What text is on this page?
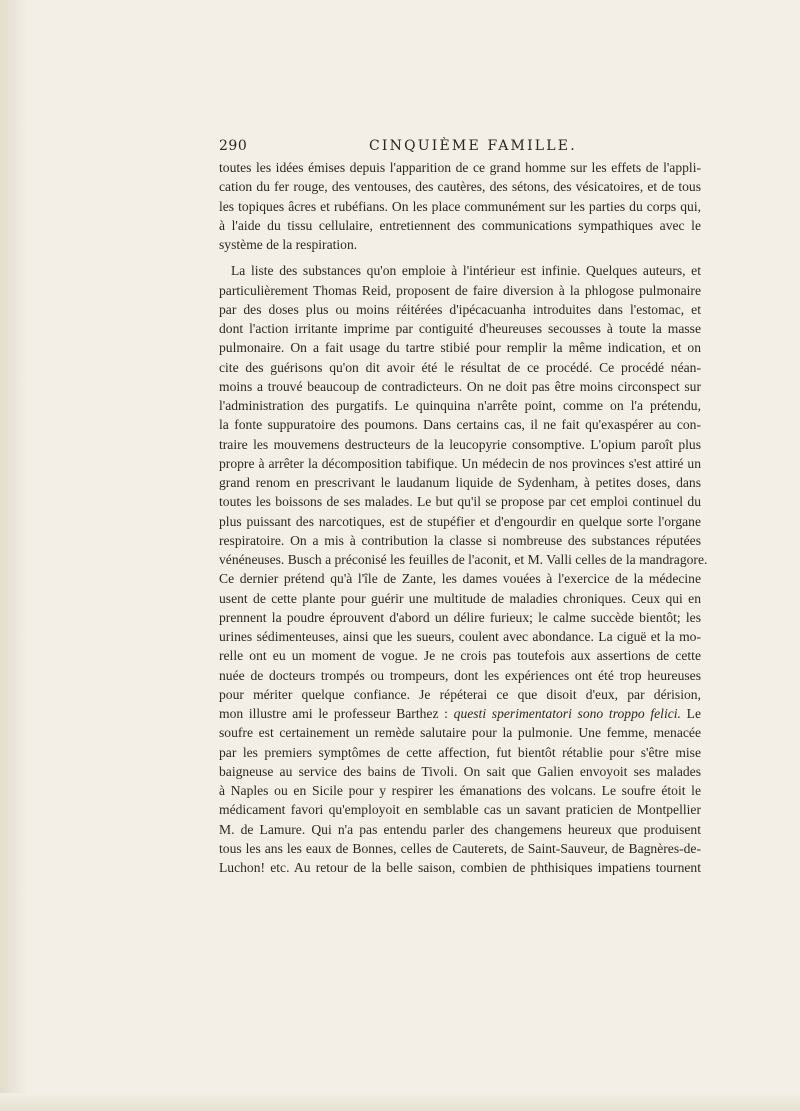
290	CINQUIÈME FAMILLE.
toutes les idées émises depuis l'apparition de ce grand homme sur les effets de l'appli-
cation du fer rouge, des ventouses, des cautères, des sétons, des vésicatoires, et de tous
les topiques âcres et rubéfians. On les place communément sur les parties du corps qui,
à l'aide du tissu cellulaire, entretiennent des communications sympathiques avec le
système de la respiration.
La liste des substances qu'on emploie à l'intérieur est infinie. Quelques auteurs, et
particulièrement Thomas Reid, proposent de faire diversion à la phlogose pulmonaire
par des doses plus ou moins réitérées d'ipécacuanha introduites dans l'estomac, et
dont l'action irritante imprime par contiguité d'heureuses secousses à toute la masse
pulmonaire. On a fait usage du tartre stibié pour remplir la même indication, et on
cite des guérisons qu'on dit avoir été le résultat de ce procédé. Ce procédé néan-
moins a trouvé beaucoup de contradicteurs. On ne doit pas être moins circonspect sur
l'administration des purgatifs. Le quinquina n'arrête point, comme on l'a prétendu,
la fonte suppuratoire des poumons. Dans certains cas, il ne fait qu'exaspérer au con-
traire les mouvemens destructeurs de la leucopyrie consomptive. L'opium paroît plus
propre à arrêter la décomposition tabifique. Un médecin de nos provinces s'est attiré un
grand renom en prescrivant le laudanum liquide de Sydenham, à petites doses, dans
toutes les boissons de ses malades. Le but qu'il se propose par cet emploi continuel du
plus puissant des narcotiques, est de stupéfier et d'engourdir en quelque sorte l'organe
respiratoire. On a mis à contribution la classe si nombreuse des substances réputées
vénéneuses. Busch a préconisé les feuilles de l'aconit, et M. Valli celles de la mandragore.
Ce dernier prétend qu'à l'île de Zante, les dames vouées à l'exercice de la médecine
usent de cette plante pour guérir une multitude de maladies chroniques. Ceux qui en
prennent la poudre éprouvent d'abord un délire furieux; le calme succède bientôt; les
urines sédimenteuses, ainsi que les sueurs, coulent avec abondance. La ciguë et la mo-
relle ont eu un moment de vogue. Je ne crois pas toutefois aux assertions de cette
nuée de docteurs trompés ou trompeurs, dont les expériences ont été trop heureuses
pour mériter quelque confiance. Je répéterai ce que disoit d'eux, par dérision,
mon illustre ami le professeur Barthez : questi sperimentatori sono troppo felici. Le
soufre est certainement un remède salutaire pour la pulmonie. Une femme, menacée
par les premiers symptômes de cette affection, fut bientôt rétablie pour s'être mise
baigneuse au service des bains de Tivoli. On sait que Galien envoyoit ses malades
à Naples ou en Sicile pour y respirer les émanations des volcans. Le soufre étoit le
médicament favori qu'employoit en semblable cas un savant praticien de Montpellier
M. de Lamure. Qui n'a pas entendu parler des changemens heureux que produisent
tous les ans les eaux de Bonnes, celles de Cauterets, de Saint-Sauveur, de Bagnères-de-
Luchon! etc. Au retour de la belle saison, combien de phthisiques impatiens tournent
